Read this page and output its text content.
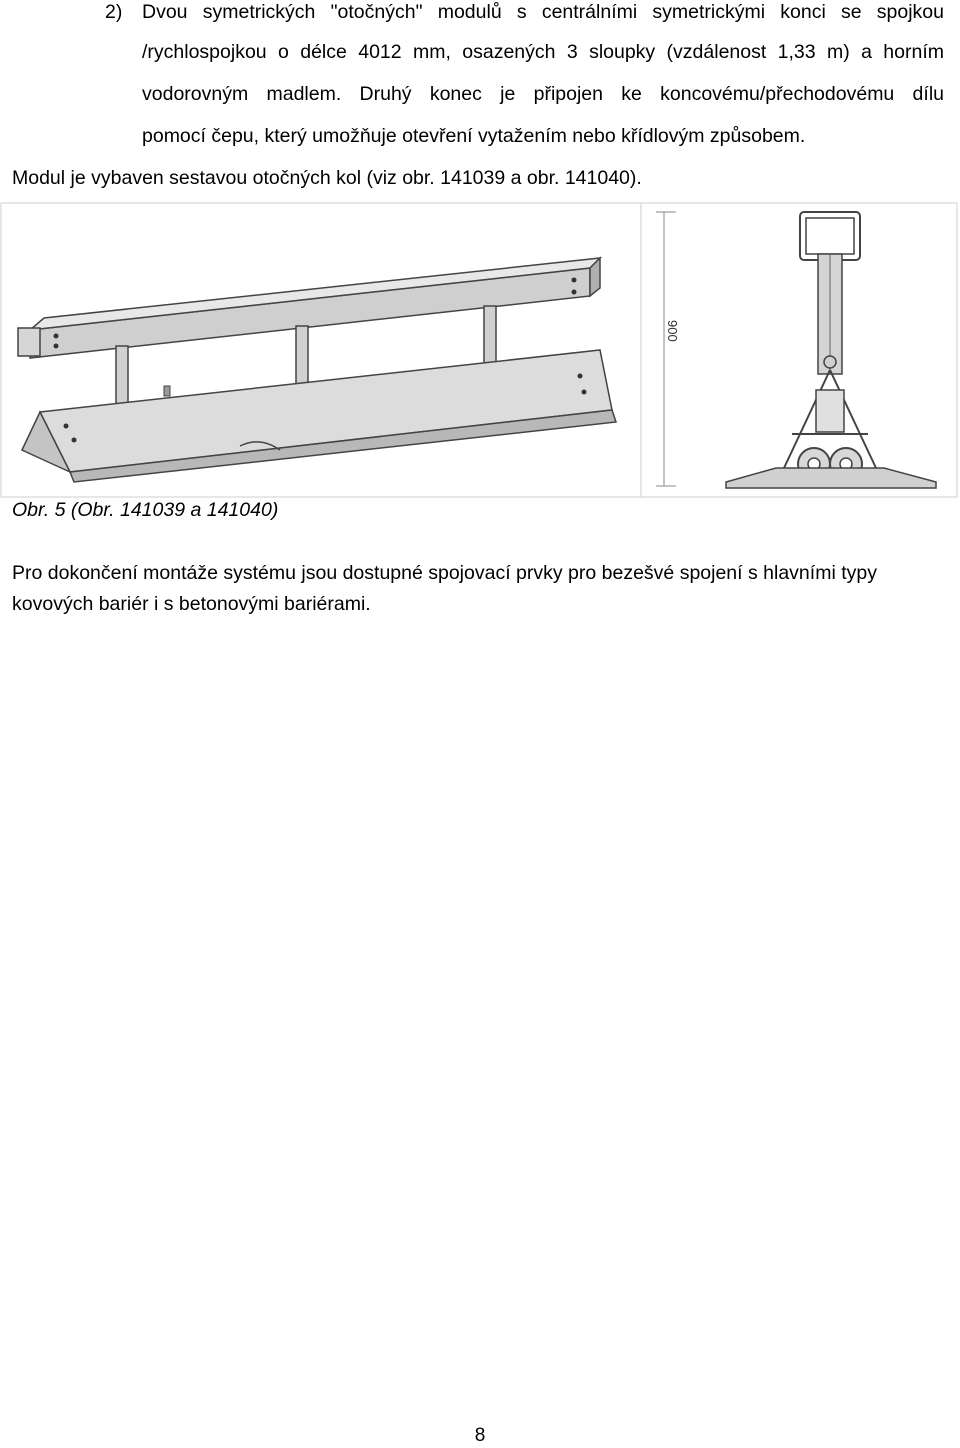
2) Dvou symetrických "otočných" modulů s centrálními symetrickými konci se spojkou
/rychlospojkou o délce 4012 mm, osazených 3 sloupky (vzdálenost 1,33 m) a horním
vodorovným madlem. Druhý konec je připojen ke koncovému/přechodovému dílu
pomocí čepu, který umožňuje otevření vytažením nebo křídlovým způsobem.
Modul je vybaven sestavou otočných kol (viz obr. 141039 a obr. 141040).
900
Obr. 5 (Obr. 141039 a 141040)
Pro dokončení montáže systému jsou dostupné spojovací prvky pro bezešvé spojení s hlavními typy
kovových bariér i s betonovými bariérami.
8
